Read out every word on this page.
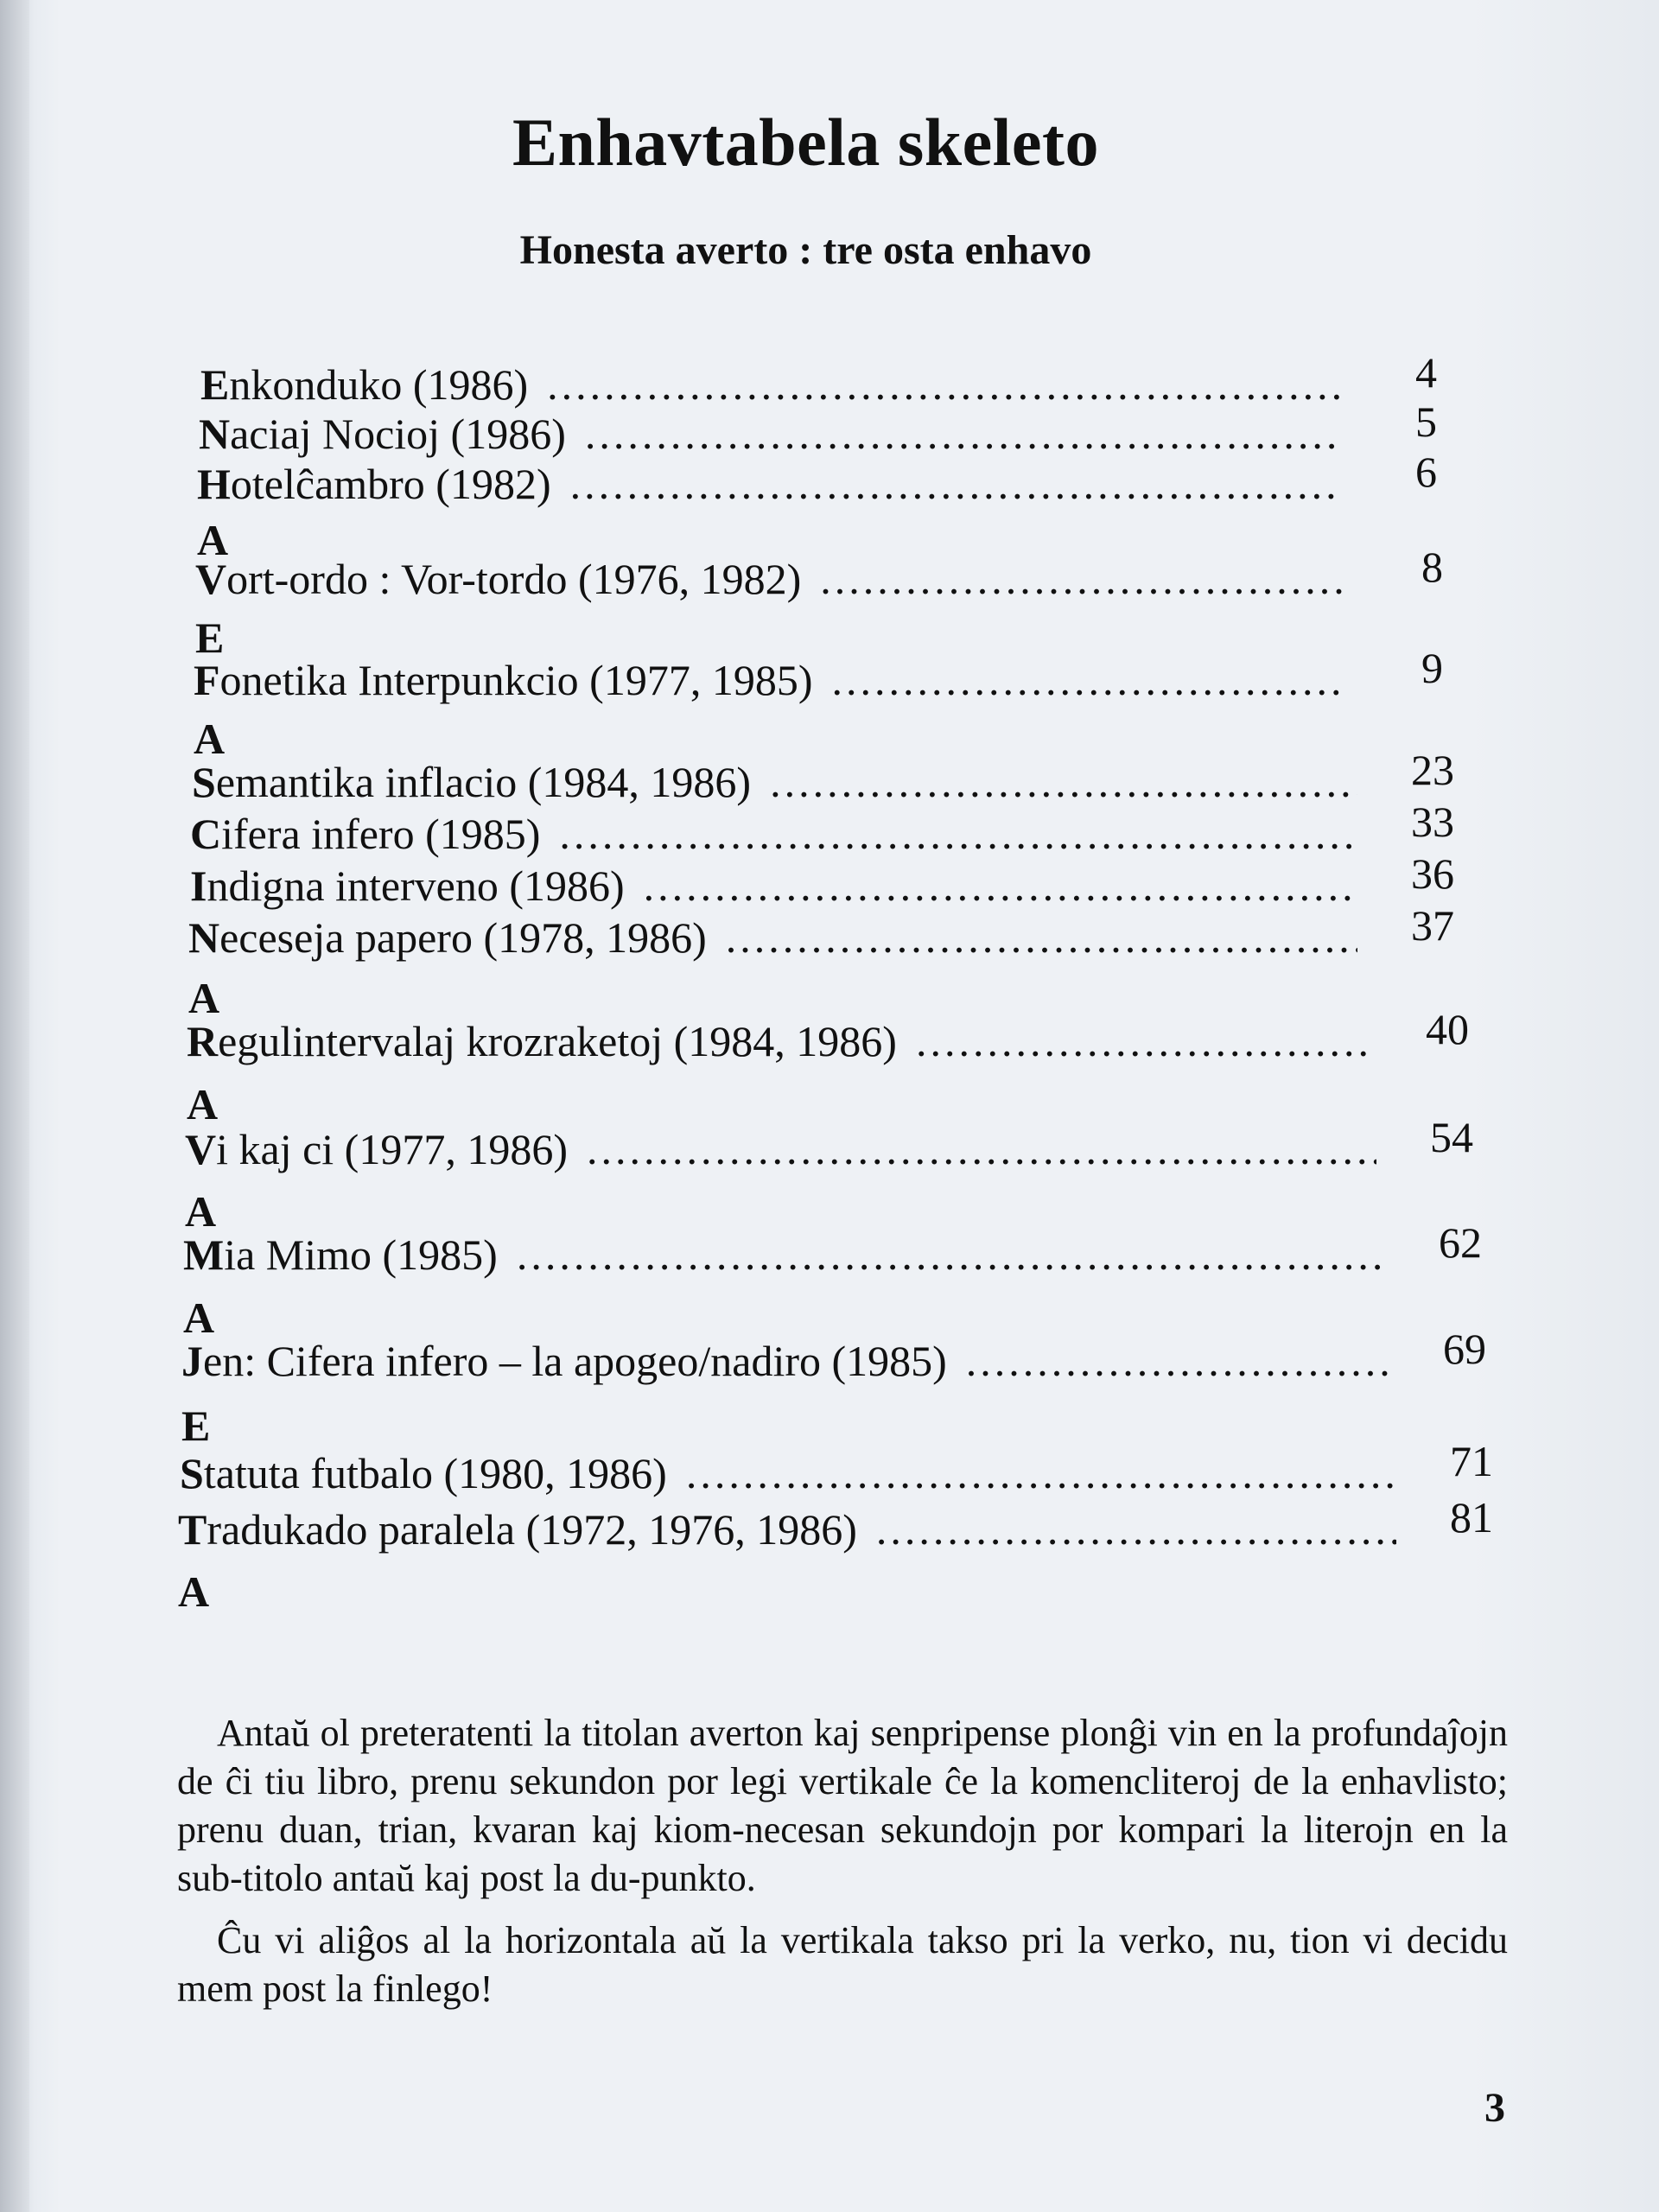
Enhavtabela skeleto
Honesta averto : tre osta enhavo
Enkonduko (1986) .....	4
Naciaj Nocioj (1986) .....	5
Hotelĉambro (1982) .....	6
A
Vort-ordo : Vor-tordo (1976, 1982) .....	8
E
Fonetika Interpunkcio (1977, 1985) .....	9
A
Semantika inflacio (1984, 1986) .....	23
Cifera infero (1985) .....	33
Indigna interveno (1986) .....	36
Neceseja papero (1978, 1986) .....	37
A
Regulintervalaj krozraketoj (1984, 1986) .....	40
A
Vi kaj ci (1977, 1986) .....	54
A
Mia Mimo (1985) .....	62
A
Jen: Cifera infero – la apogeo/nadiro (1985) .....	69
E
Statuta futbalo (1980, 1986) .....	71
Tradukado paralela (1972, 1976, 1986) .....	81
A

Antaŭ ol preteratenti la titolan averton kaj senpripense plonĝi vin en la profundaĵojn de ĉi tiu libro, prenu sekundon por legi vertikale ĉe la komencliteroj de la enhavlisto; prenu duan, trian, kvaran kaj kiom-necesan sekundojn por kompari la literojn en la sub-titolo antaŭ kaj post la du-punkto.

Ĉu vi aliĝos al la horizontala aŭ la vertikala takso pri la verko, nu, tion vi decidu mem post la finlego!

3
